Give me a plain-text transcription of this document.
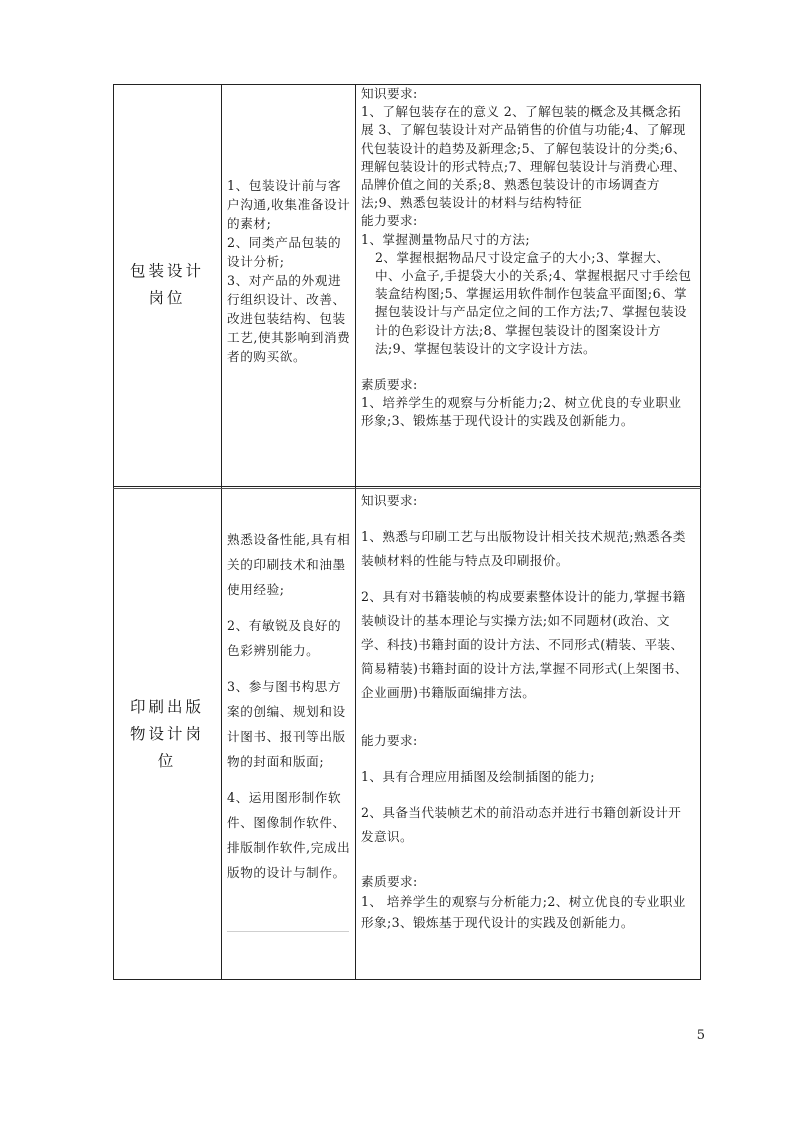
包装设计岗位

1、包装设计前与客户沟通,收集准备设计的素材;

2、同类产品包装的设计分析;

3、对产品的外观进行组织设计、改善、改进包装结构、包装工艺,使其影响到消费者的购买欲。

知识要求:

1、了解包装存在的意义 2、了解包装的概念及其概念拓展 3、了解包装设计对产品销售的价值与功能;4、了解现代包装设计的趋势及新理念;5、了解包装设计的分类;6、理解包装设计的形式特点;7、理解包装设计与消费心理、品牌价值之间的关系;8、熟悉包装设计的市场调查方法;9、熟悉包装设计的材料与结构特征

能力要求:

1、掌握测量物品尺寸的方法;

2、掌握根据物品尺寸设定盒子的大小;3、掌握大、中、小盒子,手提袋大小的关系;4、掌握根据尺寸手绘包装盒结构图;5、掌握运用软件制作包装盒平面图;6、掌握包装设计与产品定位之间的工作方法;7、掌握包装设计的色彩设计方法;8、掌握包装设计的图案设计方法;9、掌握包装设计的文字设计方法。

素质要求:

1、培养学生的观察与分析能力;2、树立优良的专业职业形象;3、锻炼基于现代设计的实践及创新能力。

印刷出版物设计岗位

熟悉设备性能,具有相关的印刷技术和油墨使用经验;

2、有敏锐及良好的色彩辨别能力。

3、参与图书构思方案的创编、规划和设计图书、报刊等出版物的封面和版面;

4、运用图形制作软件、图像制作软件、排版制作软件,完成出版物的设计与制作。

知识要求:

1、熟悉与印刷工艺与出版物设计相关技术规范;熟悉各类装帧材料的性能与特点及印刷报价。

2、具有对书籍装帧的构成要素整体设计的能力,掌握书籍装帧设计的基本理论与实操方法;如不同题材(政治、文学、科技)书籍封面的设计方法、不同形式(精装、平装、简易精装)书籍封面的设计方法,掌握不同形式(上架图书、企业画册)书籍版面编排方法。

能力要求:

1、具有合理应用插图及绘制插图的能力;

2、具备当代装帧艺术的前沿动态并进行书籍创新设计开发意识。

素质要求:

1、 培养学生的观察与分析能力;2、树立优良的专业职业形象;3、锻炼基于现代设计的实践及创新能力。

5
